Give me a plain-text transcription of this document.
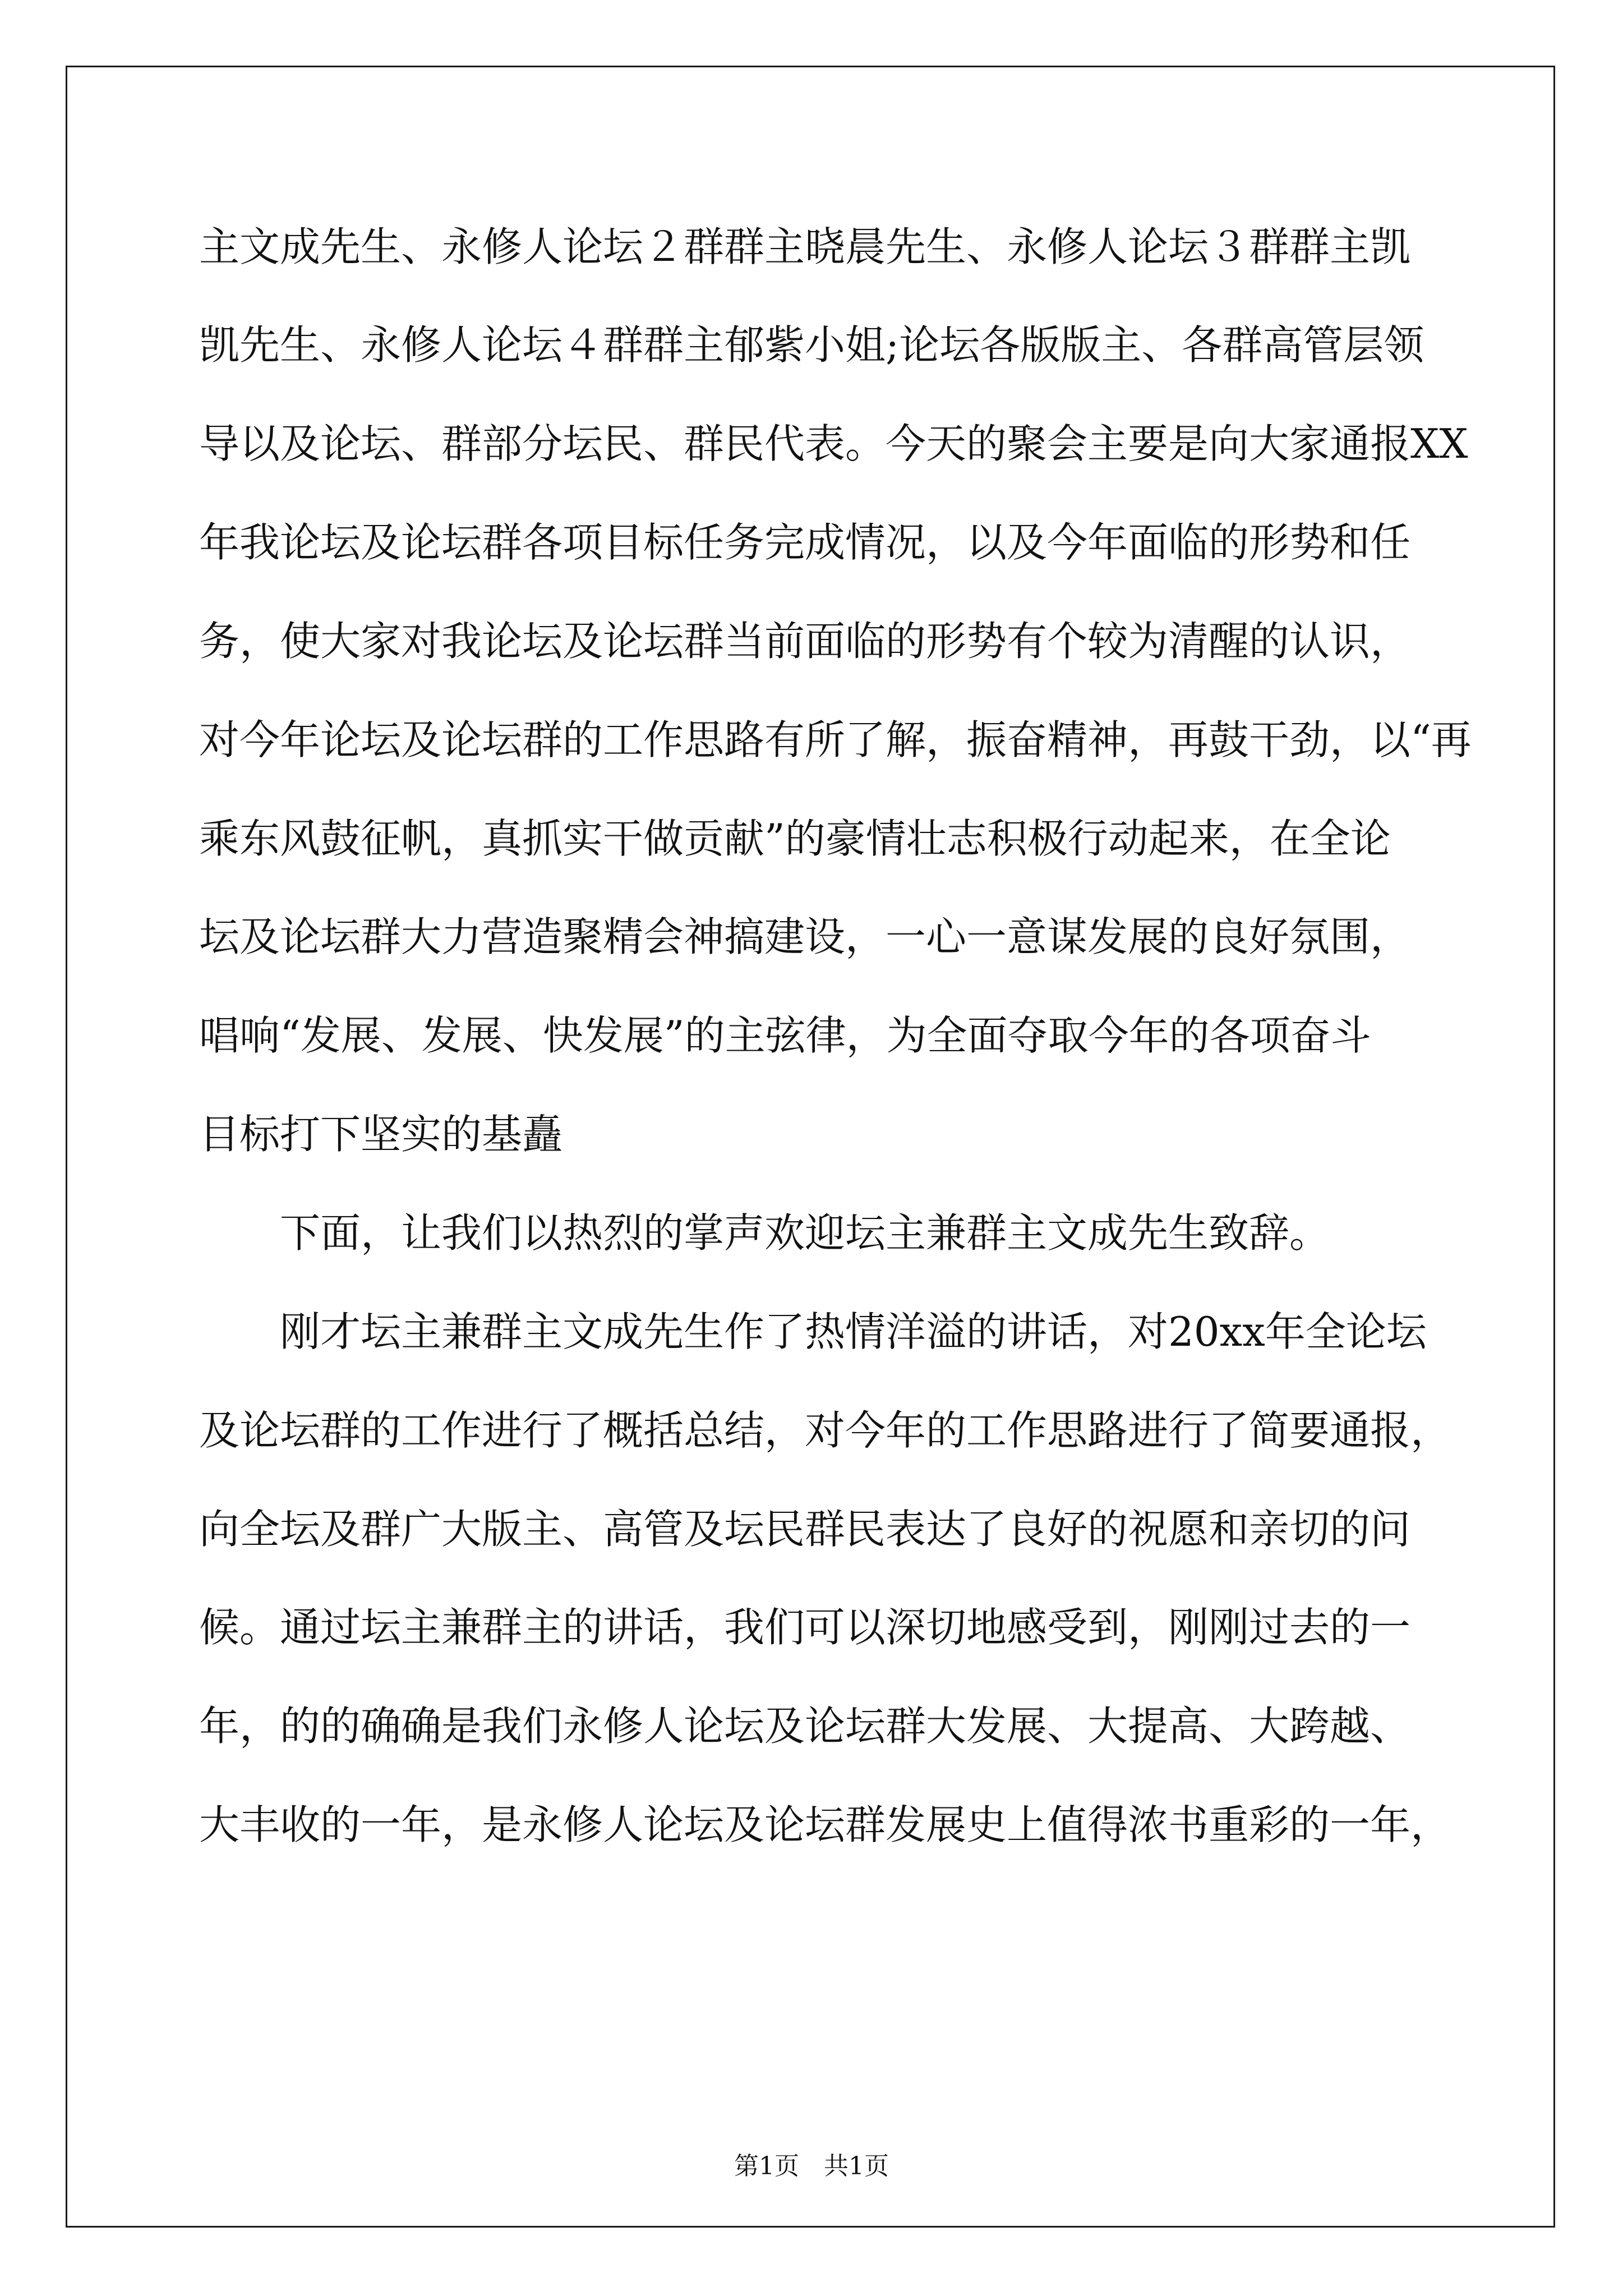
主文成先生、永修人论坛２群群主晓晨先生、永修人论坛３群群主凯
凯先生、永修人论坛４群群主郁紫小姐;论坛各版版主、各群高管层领
导以及论坛、群部分坛民、群民代表。今天的聚会主要是向大家通报XX
年我论坛及论坛群各项目标任务完成情况，以及今年面临的形势和任
务，使大家对我论坛及论坛群当前面临的形势有个较为清醒的认识，
对今年论坛及论坛群的工作思路有所了解，振奋精神，再鼓干劲，以“再
乘东风鼓征帆，真抓实干做贡献”的豪情壮志积极行动起来，在全论
坛及论坛群大力营造聚精会神搞建设，一心一意谋发展的良好氛围，
唱响“发展、发展、快发展”的主弦律，为全面夺取今年的各项奋斗
目标打下坚实的基矗
　　下面，让我们以热烈的掌声欢迎坛主兼群主文成先生致辞。
　　刚才坛主兼群主文成先生作了热情洋溢的讲话，对20xx年全论坛
及论坛群的工作进行了概括总结，对今年的工作思路进行了简要通报，
向全坛及群广大版主、高管及坛民群民表达了良好的祝愿和亲切的问
候。通过坛主兼群主的讲话，我们可以深切地感受到，刚刚过去的一
年，的的确确是我们永修人论坛及论坛群大发展、大提高、大跨越、
大丰收的一年，是永修人论坛及论坛群发展史上值得浓书重彩的一年，
第1页　共1页
